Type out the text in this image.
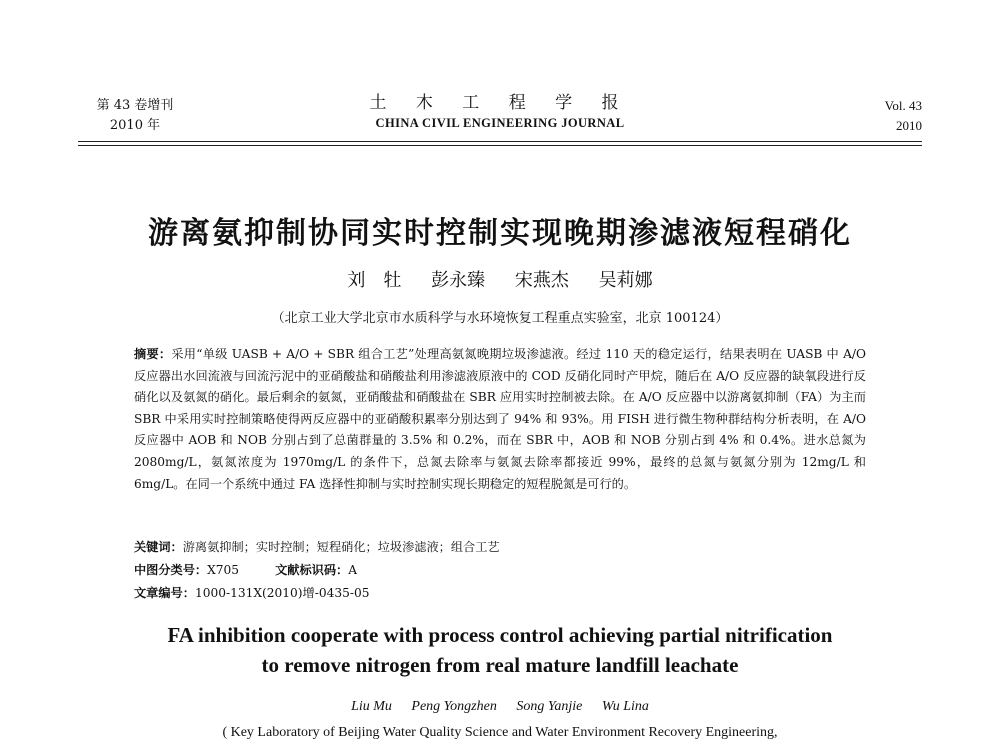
第 43 卷增刊
2010 年
土 木 工 程 学 报
CHINA CIVIL ENGINEERING JOURNAL
Vol. 43
2010
游离氨抑制协同实时控制实现晚期渗滤液短程硝化
刘　牡 彭永臻 宋燕杰 吴莉娜
（北京工业大学北京市水质科学与水环境恢复工程重点实验室，北京 100124）
摘要：采用“单级 UASB + A/O + SBR 组合工艺”处理高氨氮晚期垃圾渗滤液。经过 110 天的稳定运行，结果表明在 UASB 中 A/O 反应器出水回流液与回流污泥中的亚硝酸盐和硝酸盐利用渗滤液原液中的 COD 反硝化同时产甲烷，随后在 A/O 反应器的缺氧段进行反硝化以及氨氮的硝化。最后剩余的氨氮，亚硝酸盐和硝酸盐在 SBR 应用实时控制被去除。在 A/O 反应器中以游离氨抑制（FA）为主而 SBR 中采用实时控制策略使得两反应器中的亚硝酸积累率分别达到了 94% 和 93%。用 FISH 进行微生物种群结构分析表明，在 A/O 反应器中 AOB 和 NOB 分别占到了总菌群量的 3.5% 和 0.2%，而在 SBR 中，AOB 和 NOB 分别占到 4% 和 0.4%。进水总氮为 2080mg/L，氨氮浓度为 1970mg/L 的条件下，总氮去除率与氨氮去除率都接近 99%，最终的总氮与氨氮分别为 12mg/L 和 6mg/L。在同一个系统中通过 FA 选择性抑制与实时控制实现长期稳定的短程脱氮是可行的。
关键词：游离氨抑制；实时控制；短程硝化；垃圾渗滤液；组合工艺
中图分类号：X705	文献标识码：A
文章编号：1000-131X(2010)增-0435-05
FA inhibition cooperate with process control achieving partial nitrification
to remove nitrogen from real mature landfill leachate
Liu Mu Peng Yongzhen Song Yanjie Wu Lina
( Key Laboratory of Beijing Water Quality Science and Water Environment Recovery Engineering,
